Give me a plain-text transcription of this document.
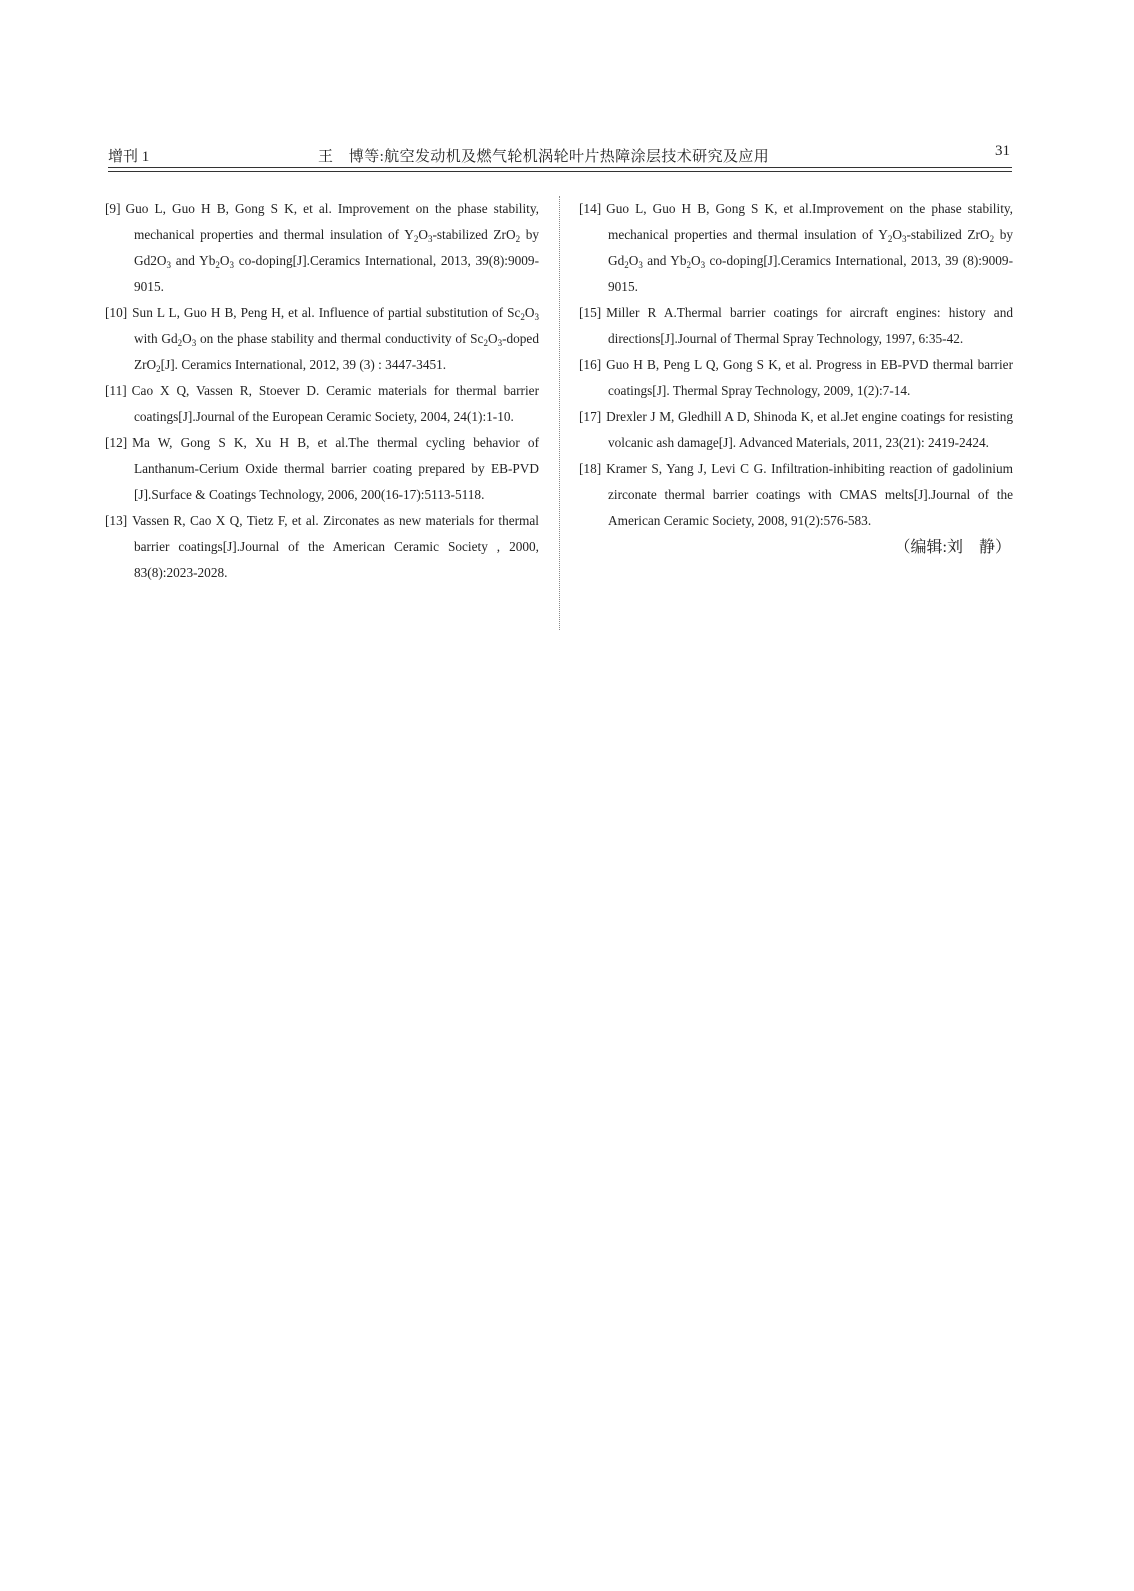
增刊 1	王　博等:航空发动机及燃气轮机涡轮叶片热障涂层技术研究及应用	31
[9] Guo L, Guo H B, Gong S K, et al. Improvement on the phase stability, mechanical properties and thermal insulation of $Y_2O_3$-stabilized ZrO$_2$ by $Gd2O_3$ and $Yb_2O_3$ co-doping[J].Ceramics International, 2013, 39(8):9009-9015.
[10] Sun L L, Guo H B, Peng H, et al. Influence of partial substitution of $Sc_2O_3$ with $Gd_2O_3$ on the phase stability and thermal conductivity of $Sc_2O_3$-doped ZrO$_2$[J]. Ceramics International, 2012, 39 (3) : 3447-3451.
[11] Cao X Q, Vassen R, Stoever D. Ceramic materials for thermal barrier coatings[J].Journal of the European Ceramic Society, 2004, 24(1):1-10.
[12] Ma W, Gong S K, Xu H B, et al.The thermal cycling behavior of Lanthanum-Cerium Oxide thermal barrier coating prepared by EB-PVD [J].Surface & Coatings Technology, 2006, 200(16-17):5113-5118.
[13] Vassen R, Cao X Q, Tietz F, et al. Zirconates as new materials for thermal barrier coatings[J].Journal of the American Ceramic Society , 2000, 83(8):2023-2028.
[14] Guo L, Guo H B, Gong S K, et al.Improvement on the phase stability, mechanical properties and thermal insulation of $Y_2O_3$-stabilized ZrO$_2$ by $Gd_2O_3$ and $Yb_2O_3$ co-doping[J].Ceramics International, 2013, 39 (8):9009-9015.
[15] Miller R A.Thermal barrier coatings for aircraft engines: history and directions[J].Journal of Thermal Spray Technology, 1997, 6:35-42.
[16] Guo H B, Peng L Q, Gong S K, et al. Progress in EB-PVD thermal barrier coatings[J]. Thermal Spray Technology, 2009, 1(2):7-14.
[17] Drexler J M, Gledhill A D, Shinoda K, et al.Jet engine coatings for resisting volcanic ash damage[J]. Advanced Materials, 2011, 23(21): 2419-2424.
[18] Kramer S, Yang J, Levi C G. Infiltration-inhibiting reaction of gadolinium zirconate thermal barrier coatings with CMAS melts[J].Journal of the American Ceramic Society, 2008, 91(2):576-583.
（编辑:刘　静）
